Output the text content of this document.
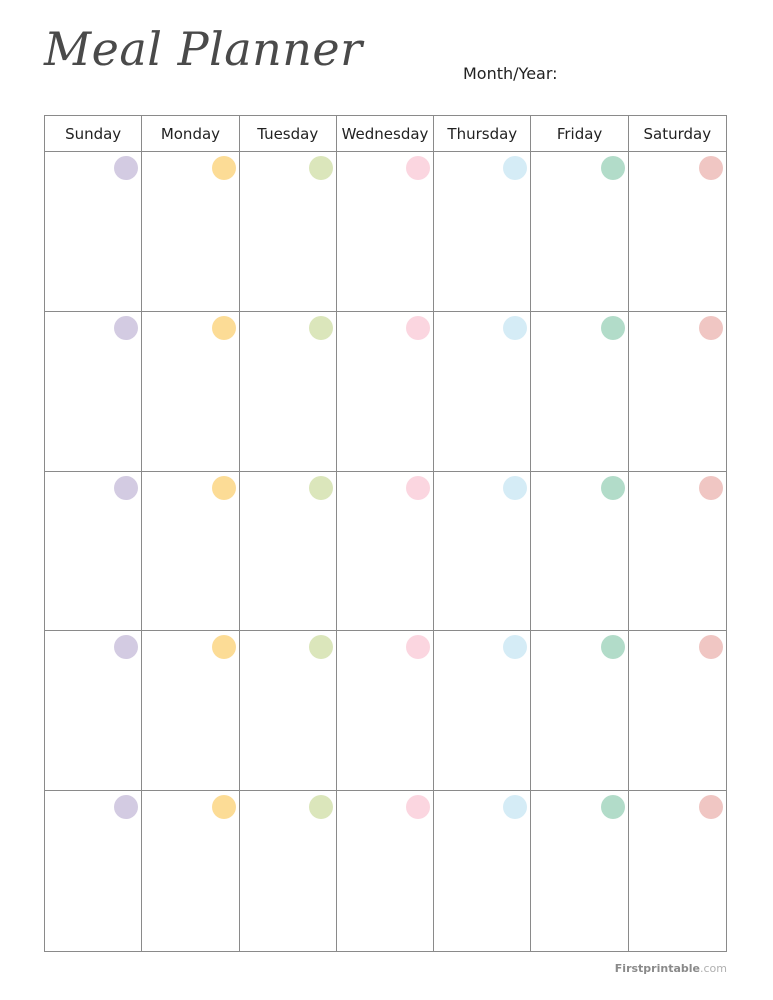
Meal Planner	Month/Year:
Sunday	Monday	Tuesday	Wednesday	Thursday	Friday	Saturday
Firstprintable.com
